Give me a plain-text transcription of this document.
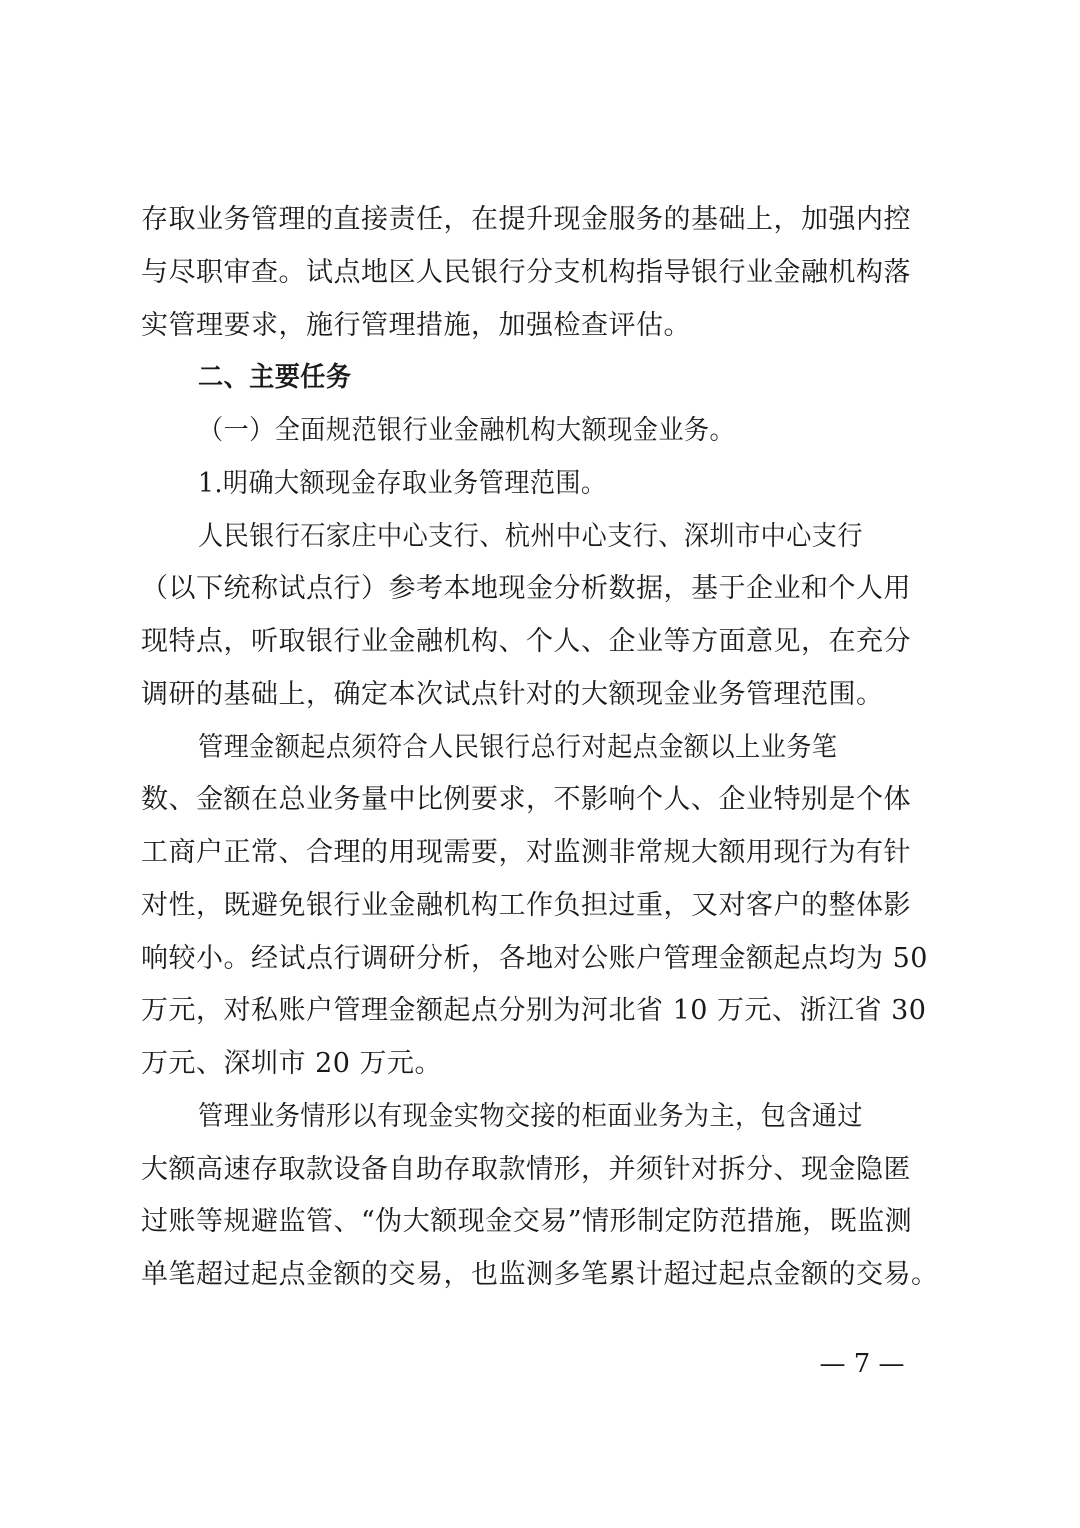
存取业务管理的直接责任，在提升现金服务的基础上，加强内控
与尽职审查。试点地区人民银行分支机构指导银行业金融机构落
实管理要求，施行管理措施，加强检查评估。
二、主要任务
（一）全面规范银行业金融机构大额现金业务。
1.明确大额现金存取业务管理范围。
人民银行石家庄中心支行、杭州中心支行、深圳市中心支行
（以下统称试点行）参考本地现金分析数据，基于企业和个人用
现特点，听取银行业金融机构、个人、企业等方面意见，在充分
调研的基础上，确定本次试点针对的大额现金业务管理范围。
管理金额起点须符合人民银行总行对起点金额以上业务笔
数、金额在总业务量中比例要求，不影响个人、企业特别是个体
工商户正常、合理的用现需要，对监测非常规大额用现行为有针
对性，既避免银行业金融机构工作负担过重，又对客户的整体影
响较小。经试点行调研分析，各地对公账户管理金额起点均为 50
万元，对私账户管理金额起点分别为河北省 10 万元、浙江省 30
万元、深圳市 20 万元。
管理业务情形以有现金实物交接的柜面业务为主，包含通过
大额高速存取款设备自助存取款情形，并须针对拆分、现金隐匿
过账等规避监管、“伪大额现金交易”情形制定防范措施，既监测
单笔超过起点金额的交易，也监测多笔累计超过起点金额的交易。
— 7 —
